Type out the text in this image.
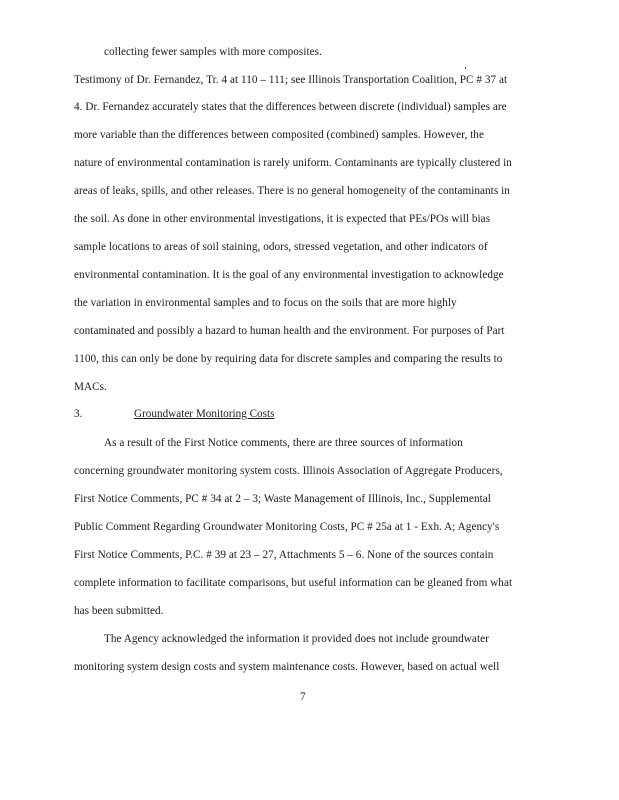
collecting fewer samples with more composites.
Testimony of Dr. Fernandez, Tr. 4 at 110 – 111; see Illinois Transportation Coalition, PC # 37 at
4. Dr. Fernandez accurately states that the differences between discrete (individual) samples are
more variable than the differences between composited (combined) samples. However, the
nature of environmental contamination is rarely uniform. Contaminants are typically clustered in
areas of leaks, spills, and other releases. There is no general homogeneity of the contaminants in
the soil. As done in other environmental investigations, it is expected that PEs/POs will bias
sample locations to areas of soil staining, odors, stressed vegetation, and other indicators of
environmental contamination. It is the goal of any environmental investigation to acknowledge
the variation in environmental samples and to focus on the soils that are more highly
contaminated and possibly a hazard to human health and the environment. For purposes of Part
1100, this can only be done by requiring data for discrete samples and comparing the results to
MACs.
3.	Groundwater Monitoring Costs
As a result of the First Notice comments, there are three sources of information
concerning groundwater monitoring system costs. Illinois Association of Aggregate Producers,
First Notice Comments, PC # 34 at 2 – 3; Waste Management of Illinois, Inc., Supplemental
Public Comment Regarding Groundwater Monitoring Costs, PC # 25a at 1 - Exh. A; Agency's
First Notice Comments, P.C. # 39 at 23 – 27, Attachments 5 – 6. None of the sources contain
complete information to facilitate comparisons, but useful information can be gleaned from what
has been submitted.
The Agency acknowledged the information it provided does not include groundwater
monitoring system design costs and system maintenance costs. However, based on actual well
7
